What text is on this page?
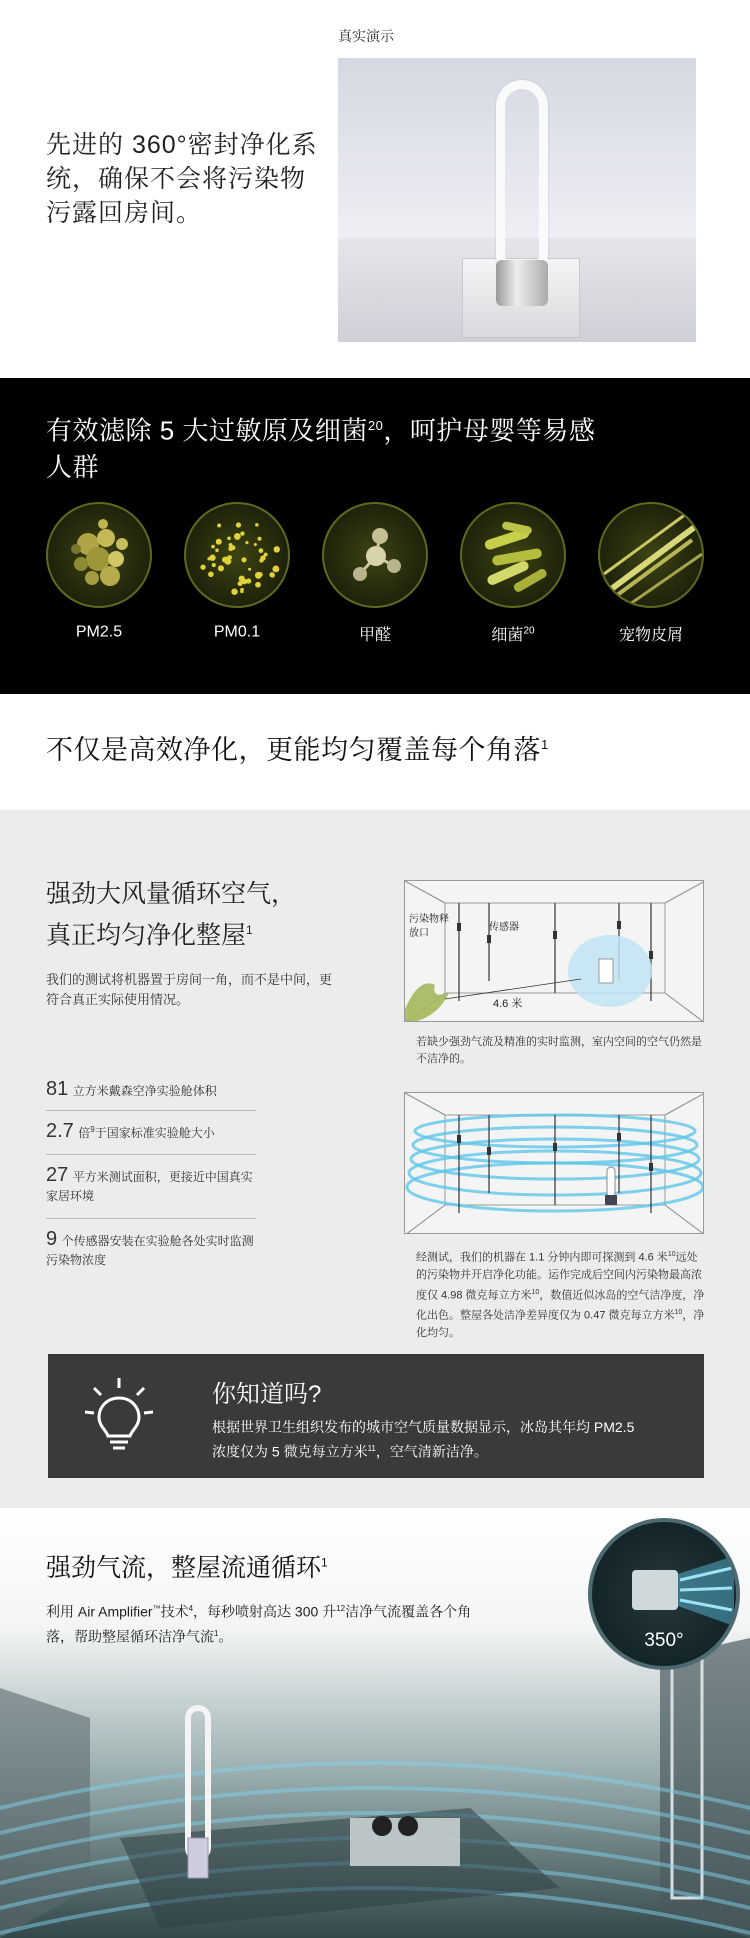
真实演示
先进的 360°密封净化系统，确保不会将污染物污露回房间。
有效滤除 5 大过敏原及细菌$^{20}$，呵护母婴等易感人群
PM2.5	PM0.1	甲醛	细菌$^{20}$	宠物皮屑
不仅是高效净化，更能均匀覆盖每个角落$^1$
强劲大风量循环空气，
真正均匀净化整屋$^1$
我们的测试将机器置于房间一角，而不是中间，更符合真正实际使用情况。
81 立方米戴森空净实验舱体积
2.7 倍$^9$于国家标准实验舱大小
27 平方米测试面积，更接近中国真实家居环境
9 个传感器安装在实验舱各处实时监测污染物浓度
污染物释放口
传感器
4.6 米
若缺少强劲气流及精准的实时监测，室内空间的空气仍然是不洁净的。
经测试，我们的机器在 1.1 分钟内即可探测到 4.6 米$^{10}$远处的污染物并开启净化功能。运作完成后空间内污染物最高浓度仅 4.98 微克每立方米$^{10}$，数值近似冰岛的空气洁净度，净化出色。整屋各处洁净差异度仅为 0.47 微克每立方米$^{10}$，净化均匀。
你知道吗?
根据世界卫生组织发布的城市空气质量数据显示，冰岛其年均 PM2.5 浓度仅为 5 微克每立方米$^{11}$，空气清新洁净。
强劲气流，整屋流通循环$^1$
利用 Air Amplifier™技术$^4$，每秒喷射高达 300 升$^{12}$洁净气流覆盖各个角落，帮助整屋循环洁净气流$^1$。	350°
